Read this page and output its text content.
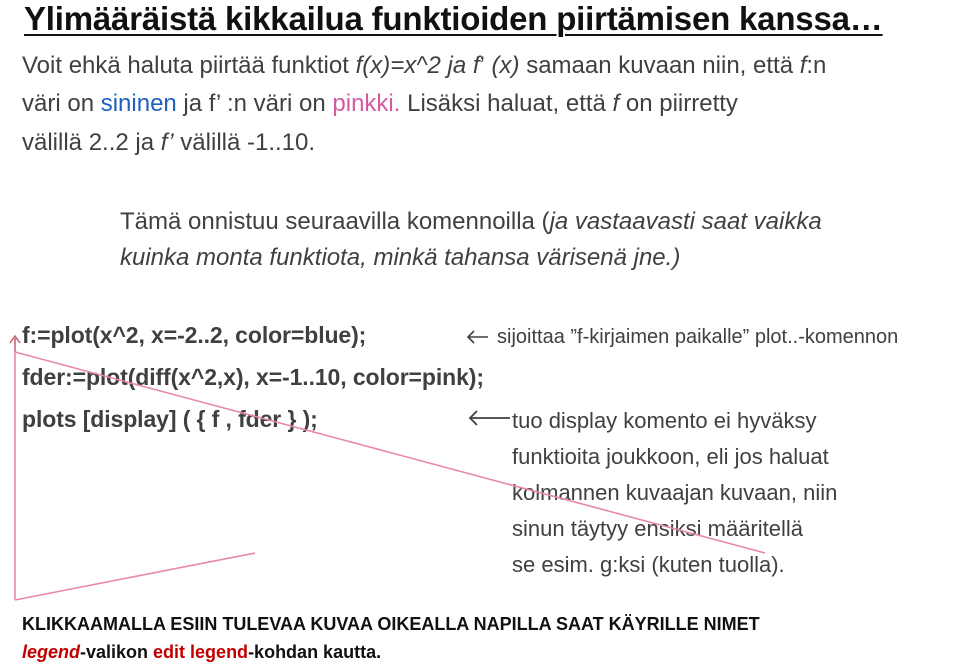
Ylimääräistä kikkailua funktioiden piirtämisen kanssa…
Voit ehkä haluta piirtää funktiot f(x)=x^2 ja f’ (x) samaan kuvaan niin, että f:n
väri on sininen ja f’ :n väri on pinkki. Lisäksi haluat, että f on piirretty
välillä 2..2 ja f’ välillä -1..10.
Tämä onnistuu seuraavilla komennoilla (ja vastaavasti saat vaikka
kuinka monta funktiota, minkä tahansa värisenä jne.)
f:=plot(x^2, x=-2..2, color=blue);	sijoittaa ”f-kirjaimen paikalle” plot..-komennon
fder:=plot(diff(x^2,x), x=-1..10, color=pink);
plots [display] ( { f , fder } );	tuo display komento ei hyväksy
funktioita joukkoon, eli jos haluat
kolmannen kuvaajan kuvaan, niin
sinun täytyy ensiksi määritellä
se esim. g:ksi (kuten tuolla).
KLIKKAAMALLA ESIIN TULEVAA KUVAA OIKEALLA NAPILLA SAAT KÄYRILLE NIMET
legend-valikon edit legend-kohdan kautta.
